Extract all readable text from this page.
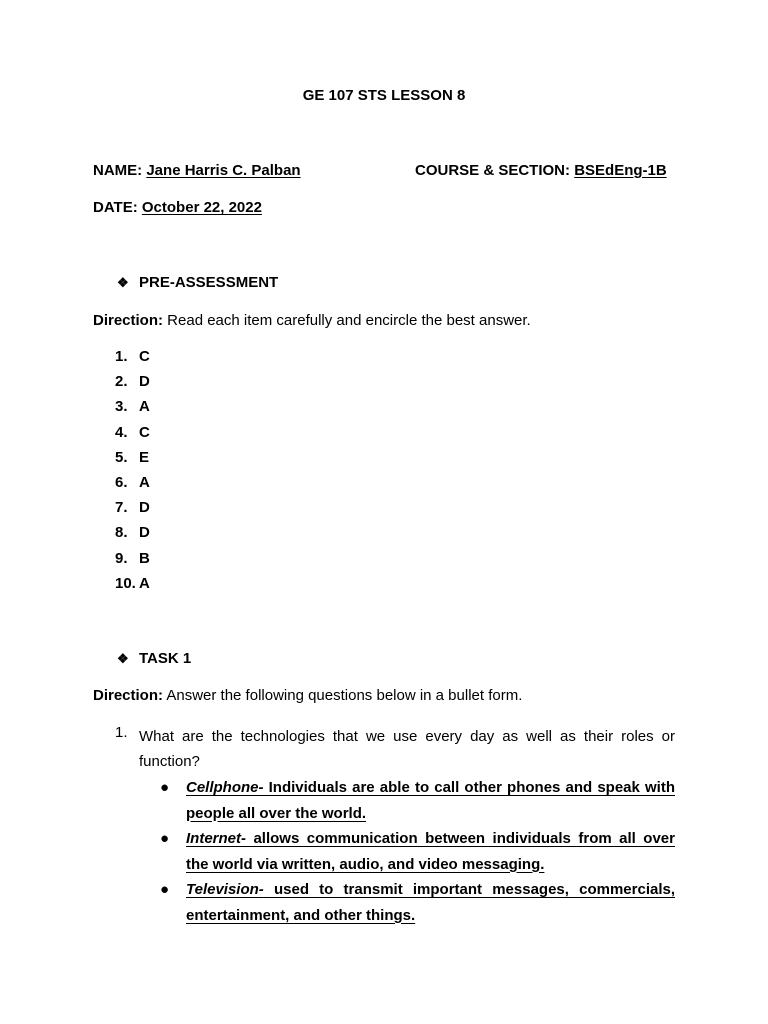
GE 107 STS LESSON 8
NAME: Jane Harris C. Palban	COURSE & SECTION: BSEdEng-1B
DATE: October 22, 2022
❖ PRE-ASSESSMENT
Direction: Read each item carefully and encircle the best answer.
1. C
2. D
3. A
4. C
5. E
6. A
7. D
8. D
9. B
10. A
❖ TASK 1
Direction: Answer the following questions below in a bullet form.
1. What are the technologies that we use every day as well as their roles or function?
● Cellphone- Individuals are able to call other phones and speak with people all over the world.
● Internet- allows communication between individuals from all over the world via written, audio, and video messaging.
● Television- used to transmit important messages, commercials, entertainment, and other things.
